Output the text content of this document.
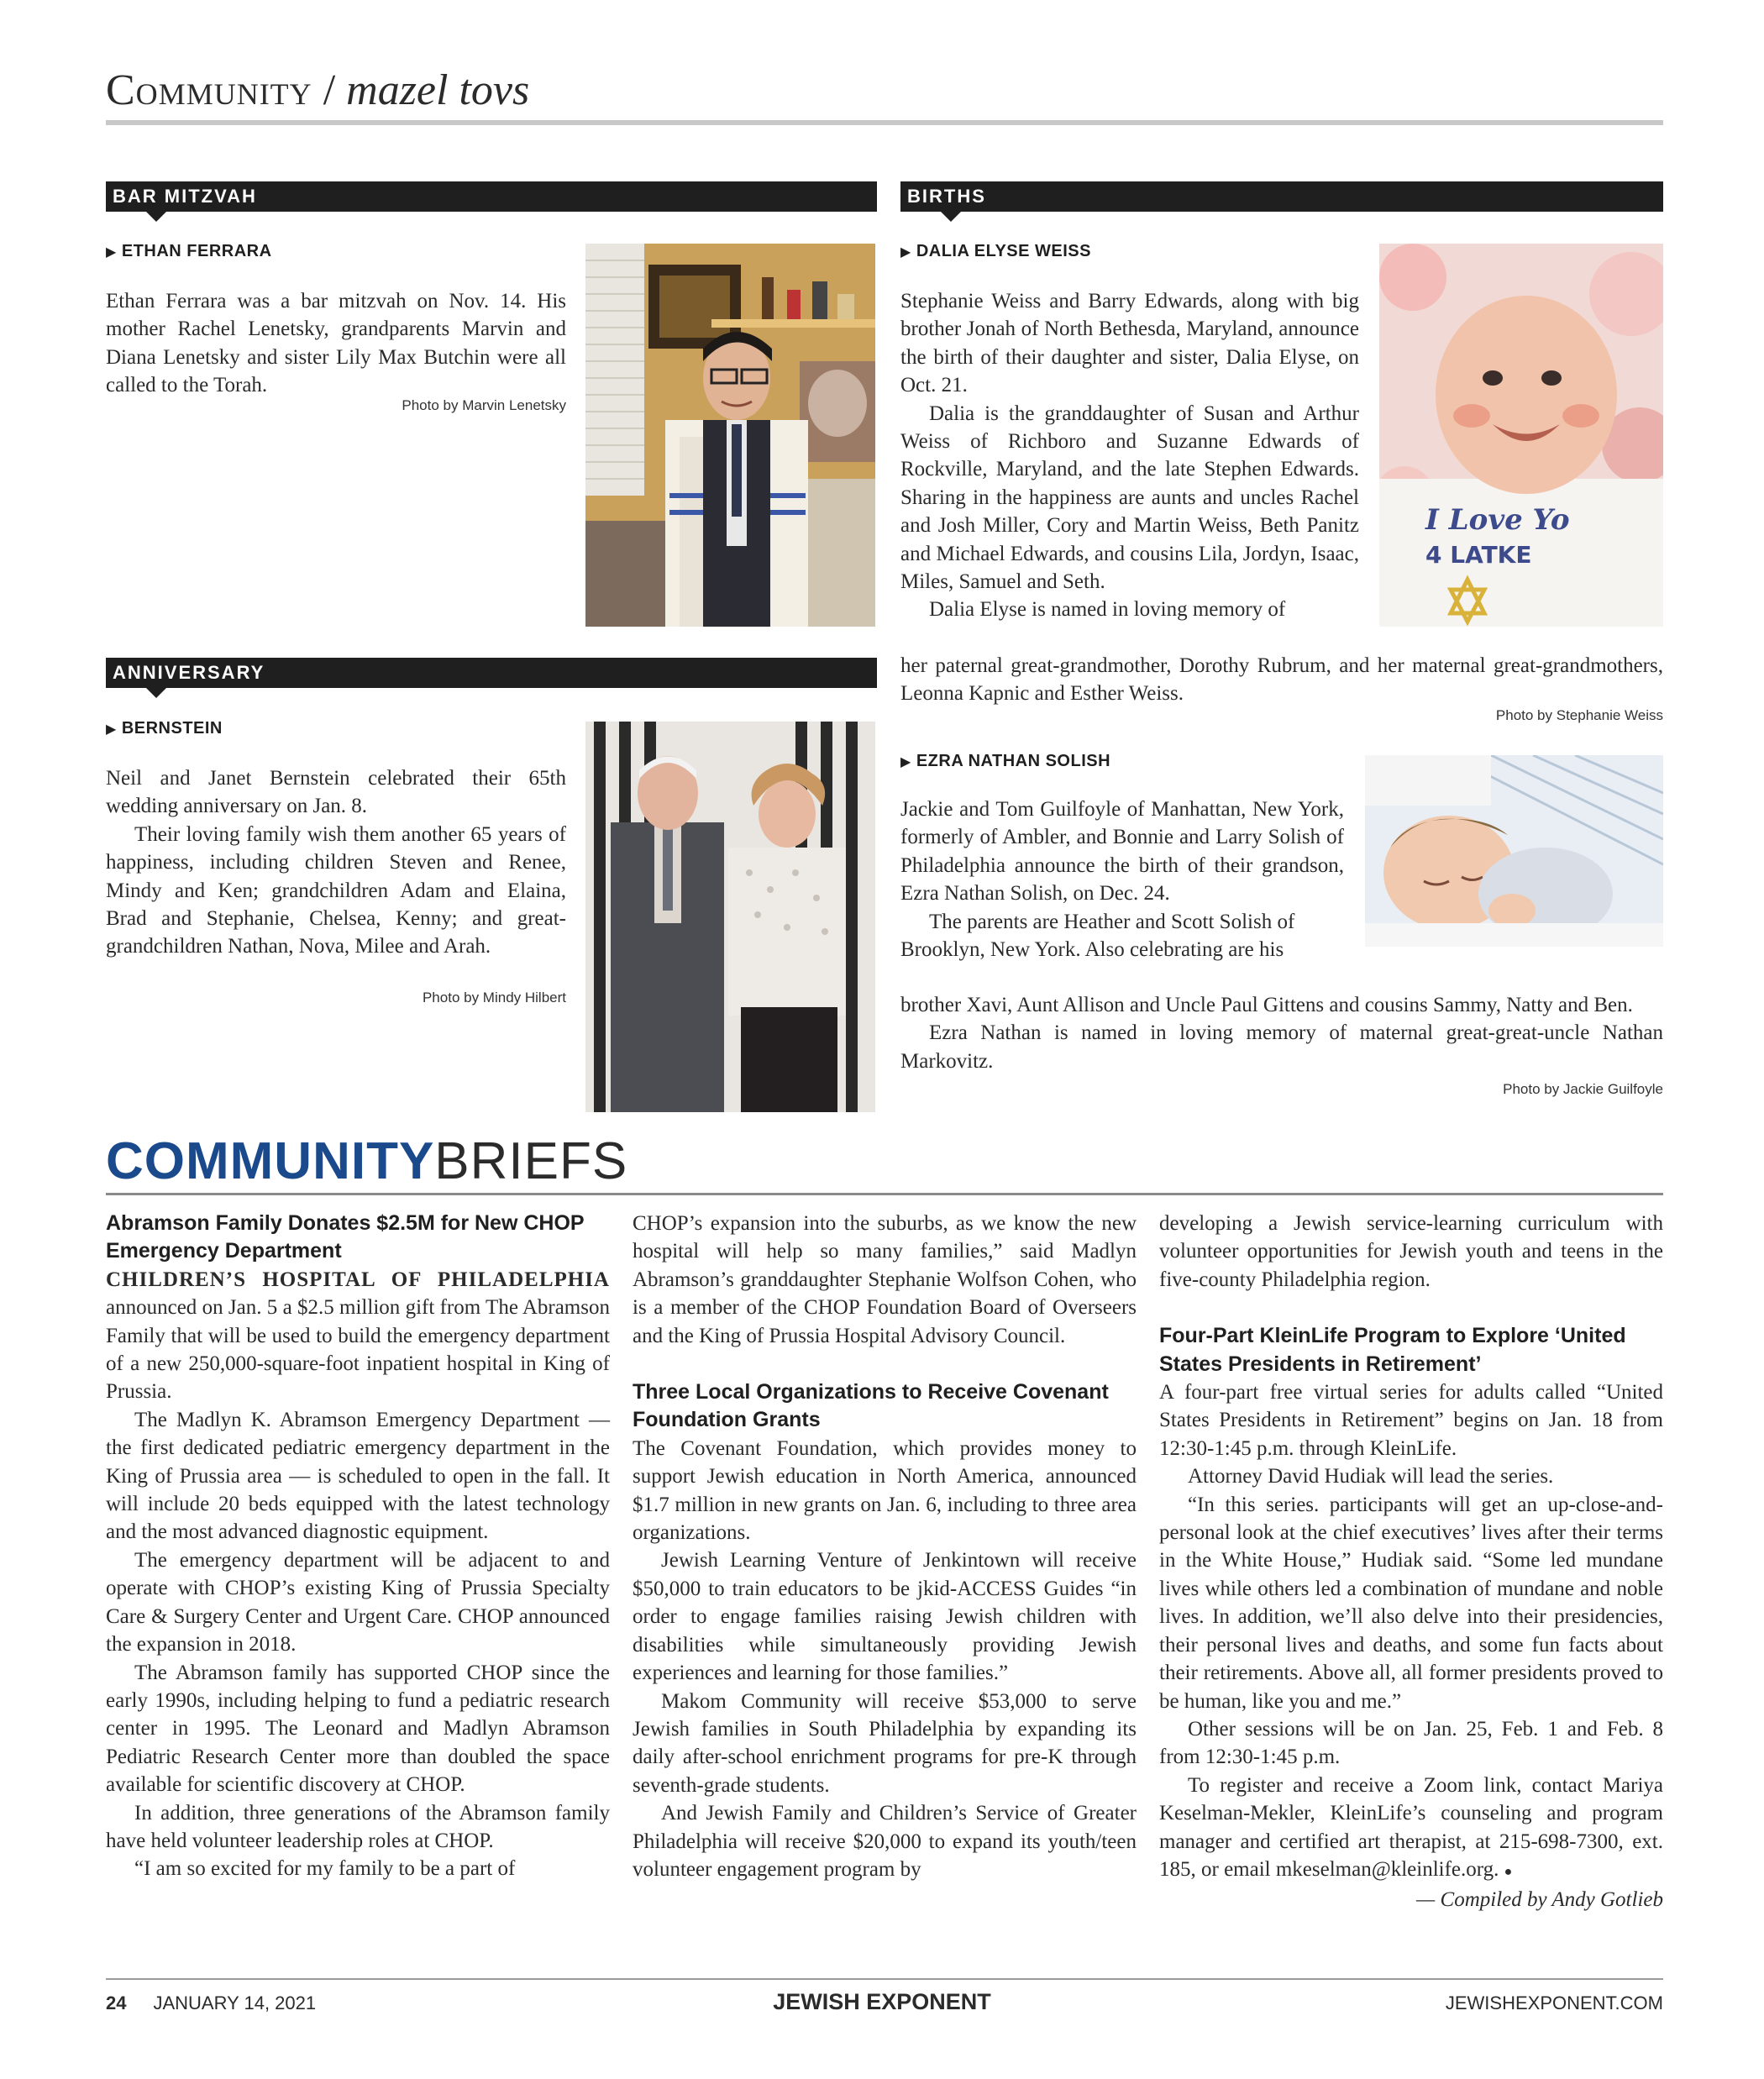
Community / mazel tovs
BAR MITZVAH
▶ ETHAN FERRARA

Ethan Ferrara was a bar mitzvah on Nov. 14. His mother Rachel Lenetsky, grandparents Marvin and Diana Lenetsky and sister Lily Max Butchin were all called to the Torah.

Photo by Marvin Lenetsky
ANNIVERSARY
▶ BERNSTEIN

Neil and Janet Bernstein celebrated their 65th wedding anniversary on Jan. 8.

Their loving family wish them another 65 years of happiness, including children Steven and Renee, Mindy and Ken; grandchildren Adam and Elaina, Brad and Stephanie, Chelsea, Kenny; and great-grandchildren Nathan, Nova, Milee and Arah.

Photo by Mindy Hilbert
BIRTHS
▶ DALIA ELYSE WEISS

Stephanie Weiss and Barry Edwards, along with big brother Jonah of North Bethesda, Maryland, announce the birth of their daughter and sister, Dalia Elyse, on Oct. 21.

Dalia is the granddaughter of Susan and Arthur Weiss of Richboro and Suzanne Edwards of Rockville, Maryland, and the late Stephen Edwards. Sharing in the happiness are aunts and uncles Rachel and Josh Miller, Cory and Martin Weiss, Beth Panitz and Michael Edwards, and cousins Lila, Jordyn, Isaac, Miles, Samuel and Seth.

Dalia Elyse is named in loving memory of

her paternal great-grandmother, Dorothy Rubrum, and her maternal great-grandmothers, Leonna Kapnic and Esther Weiss.

Photo by Stephanie Weiss
I Love Yo
4 LATKE
▶ EZRA NATHAN SOLISH

Jackie and Tom Guilfoyle of Manhattan, New York, formerly of Ambler, and Bonnie and Larry Solish of Philadelphia announce the birth of their grandson, Ezra Nathan Solish, on Dec. 24.

The parents are Heather and Scott Solish of Brooklyn, New York. Also celebrating are his

brother Xavi, Aunt Allison and Uncle Paul Gittens and cousins Sammy, Natty and Ben.

Ezra Nathan is named in loving memory of maternal great-great-uncle Nathan Markovitz.

Photo by Jackie Guilfoyle
COMMUNITYBRIEFS
Abramson Family Donates $2.5M for New CHOP Emergency Department

CHILDREN’S HOSPITAL OF PHILADELPHIA announced on Jan. 5 a $2.5 million gift from The Abramson Family that will be used to build the emergency department of a new 250,000-square-foot inpatient hospital in King of Prussia.

The Madlyn K. Abramson Emergency Department — the first dedicated pediatric emergency department in the King of Prussia area — is scheduled to open in the fall. It will include 20 beds equipped with the latest technology and the most advanced diagnostic equipment.

The emergency department will be adjacent to and operate with CHOP’s existing King of Prussia Specialty Care & Surgery Center and Urgent Care. CHOP announced the expansion in 2018.

The Abramson family has supported CHOP since the early 1990s, including helping to fund a pediatric research center in 1995. The Leonard and Madlyn Abramson Pediatric Research Center more than doubled the space available for scientific discovery at CHOP.

In addition, three generations of the Abramson family have held volunteer leadership roles at CHOP.

“I am so excited for my family to be a part of

CHOP’s expansion into the suburbs, as we know the new hospital will help so many families,” said Madlyn Abramson’s granddaughter Stephanie Wolfson Cohen, who is a member of the CHOP Foundation Board of Overseers and the King of Prussia Hospital Advisory Council.

Three Local Organizations to Receive Covenant Foundation Grants

The Covenant Foundation, which provides money to support Jewish education in North America, announced $1.7 million in new grants on Jan. 6, including to three area organizations.

Jewish Learning Venture of Jenkintown will receive $50,000 to train educators to be jkid-ACCESS Guides “in order to engage families raising Jewish children with disabilities while simultaneously providing Jewish experiences and learning for those families.”

Makom Community will receive $53,000 to serve Jewish families in South Philadelphia by expanding its daily after-school enrichment programs for pre-K through seventh-grade students.

And Jewish Family and Children’s Service of Greater Philadelphia will receive $20,000 to expand its youth/teen volunteer engagement program by

developing a Jewish service-learning curriculum with volunteer opportunities for Jewish youth and teens in the five-county Philadelphia region.

Four-Part KleinLife Program to Explore ‘United States Presidents in Retirement’

A four-part free virtual series for adults called “United States Presidents in Retirement” begins on Jan. 18 from 12:30-1:45 p.m. through KleinLife.

Attorney David Hudiak will lead the series.

“In this series. participants will get an up-close-and-personal look at the chief executives’ lives after their terms in the White House,” Hudiak said. “Some led mundane lives while others led a combination of mundane and noble lives. In addition, we’ll also delve into their presidencies, their personal lives and deaths, and some fun facts about their retirements. Above all, all former presidents proved to be human, like you and me.”

Other sessions will be on Jan. 25, Feb. 1 and Feb. 8 from 12:30-1:45 p.m.

To register and receive a Zoom link, contact Mariya Keselman-Mekler, KleinLife’s counseling and program manager and certified art therapist, at 215-698-7300, ext. 185, or email mkeselman@kleinlife.org. ●

— Compiled by Andy Gotlieb

24 JANUARY 14, 2021	JEWISH EXPONENT	JEWISHEXPONENT.COM
